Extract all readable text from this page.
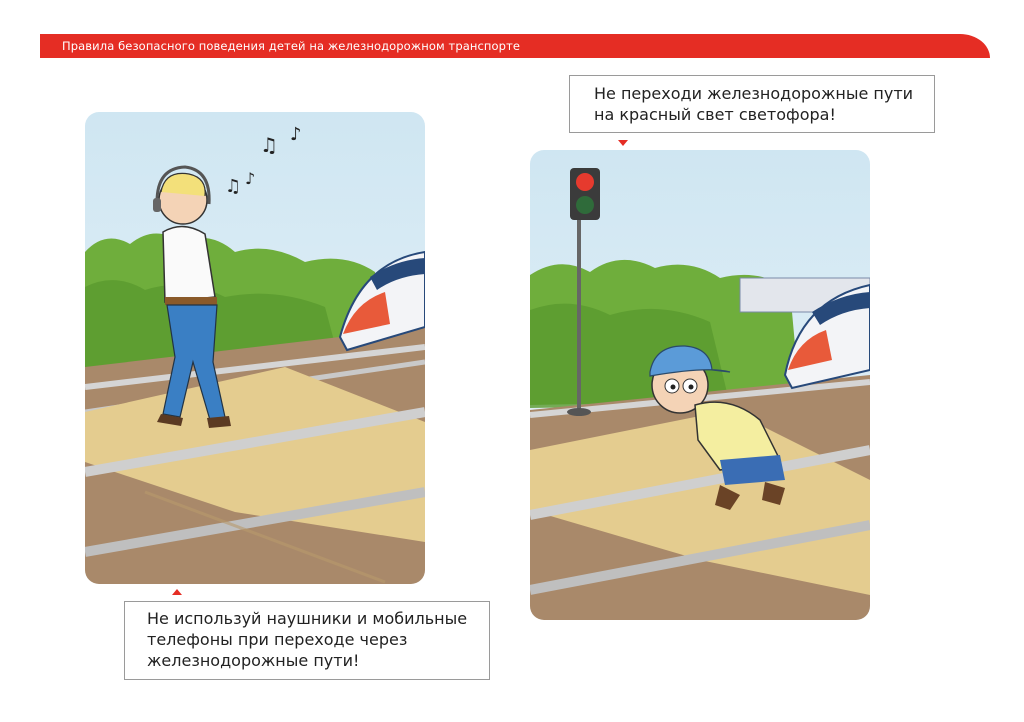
Правила безопасного поведения детей на железнодорожном транспорте
Не переходи железнодорожные пути
на красный свет светофора!
♫ ♪
♫ ♪
Не используй наушники и мобильные
телефоны при переходе через
железнодорожные пути!
